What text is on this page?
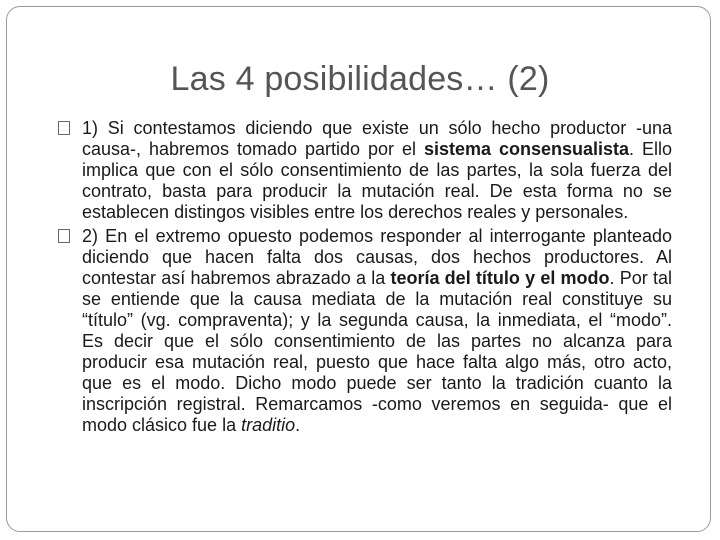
Las 4 posibilidades… (2)
1) Si contestamos diciendo que existe un sólo hecho productor -una causa-, habremos tomado partido por el sistema consensualista. Ello implica que con el sólo consentimiento de las partes, la sola fuerza del contrato, basta para producir la mutación real. De esta forma no se establecen distingos visibles entre los derechos reales y personales.
2) En el extremo opuesto podemos responder al interrogante planteado diciendo que hacen falta dos causas, dos hechos productores. Al contestar así habremos abrazado a la teoría del título y el modo. Por tal se entiende que la causa mediata de la mutación real constituye su “título” (vg. compraventa); y la segunda causa, la inmediata, el “modo”. Es decir que el sólo consentimiento de las partes no alcanza para producir esa mutación real, puesto que hace falta algo más, otro acto, que es el modo. Dicho modo puede ser tanto la tradición cuanto la inscripción registral. Remarcamos -como veremos en seguida- que el modo clásico fue la traditio.
